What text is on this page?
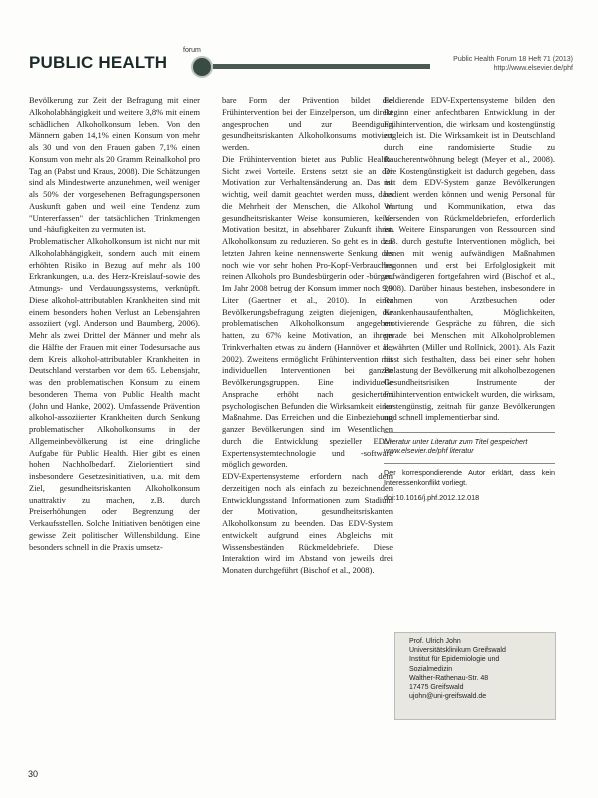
forum
PUBLIC HEALTH	Public Health Forum 18 Heft 71 (2013)
http://www.elsevier.de/phf

Bevölkerung zur Zeit der Befragung mit einer Alkoholabhängigkeit und weitere 3,8% mit einem schädlichen Alkoholkonsum leben. Von den Männern gaben 14,1% einen Konsum von mehr als 30 und von den Frauen gaben 7,1% einen Konsum von mehr als 20 Gramm Reinalkohol pro Tag an (Pabst und Kraus, 2008). Die Schätzungen sind als Mindestwerte anzunehmen, weil weniger als 50% der vorgesehenen Befragungspersonen Auskunft gaben und weil eine Tendenz zum "Untererfassen" der tatsächlichen Trinkmengen und -häufigkeiten zu vermuten ist.

Problematischer Alkoholkonsum ist nicht nur mit Alkoholabhängigkeit, sondern auch mit einem erhöhten Risiko in Bezug auf mehr als 100 Erkrankungen, u.a. des Herz-Kreislauf-sowie des Atmungs- und Verdauungssystems, verknüpft. Diese alkohol-attributablen Krankheiten sind mit einem besonders hohen Verlust an Lebensjahren assoziiert (vgl. Anderson und Baumberg, 2006). Mehr als zwei Drittel der Männer und mehr als die Hälfte der Frauen mit einer Todesursache aus dem Kreis alkohol-attributabler Krankheiten in Deutschland verstarben vor dem 65. Lebensjahr, was den problematischen Konsum zu einem besonderen Thema von Public Health macht (John und Hanke, 2002). Umfassende Prävention alkohol-assoziierter Krankheiten durch Senkung problematischer Alkoholkonsums in der Allgemeinbevölkerung ist eine dringliche Aufgabe für Public Health. Hier gibt es einen hohen Nachholbedarf. Zielorientiert sind insbesondere Gesetzesinitiativen, u.a. mit dem Ziel, gesundheitsriskanten Alkoholkonsum unattraktiv zu machen, z.B. durch Preiserhöhungen oder Begrenzung der Verkaufsstellen. Solche Initiativen benötigen eine gewisse Zeit politischer Willensbildung. Eine besonders schnell in die Praxis umsetz-

bare Form der Prävention bildet die Frühintervention bei der Einzelperson, um direkt angesprochen und zur Beendigung gesundheitsriskanten Alkoholkonsums motiviert werden.

Die Frühintervention bietet aus Public Health-Sicht zwei Vorteile. Erstens setzt sie an der Motivation zur Verhaltensänderung an. Das ist wichtig, weil damit geachtet werden muss, dass die Mehrheit der Menschen, die Alkohol in gesundheitsriskanter Weise konsumieren, keine Motivation besitzt, in absehbarer Zukunft ihren Alkoholkonsum zu reduzieren. So geht es in den letzten Jahren keine nennenswerte Senkung des noch wie vor sehr hohen Pro-Kopf-Verbrauches reinen Alkohols pro Bundesbürgerin oder -bürger. Im Jahr 2008 betrug der Konsum immer noch 9,9 Liter (Gaertner et al., 2010). In einer Bevölkerungsbefragung zeigten diejenigen, die problematischen Alkoholkonsum angegeben hatten, zu 67% keine Motivation, an ihrem Trinkverhalten etwas zu ändern (Hannöver et al., 2002). Zweitens ermöglicht Frühintervention mit individuellen Interventionen bei ganzen Bevölkerungsgruppen. Eine individuelle Ansprache erhöht nach gesichertem psychologischen Befunden die Wirksamkeit einer Maßnahme. Das Erreichen und die Einbeziehung ganzer Bevölkerungen sind im Wesentlichen durch die Entwicklung spezieller EDV-Expertensystemtechnologie und -software möglich geworden.

EDV-Expertensysteme erfordern nach dem derzeitigen noch als einfach zu bezeichnenden Entwicklungsstand Informationen zum Stadium der Motivation, gesundheitsriskanten Alkoholkonsum zu beenden. Das EDV-System entwickelt aufgrund eines Abgleichs mit Wissensbeständen Rückmeldebriefe. Diese Interaktion wird im Abstand von jeweils drei Monaten durchgeführt (Bischof et al., 2008).

Feldierende EDV-Expertensysteme bilden den Beginn einer anfechtbaren Entwicklung in der Frühintervention, die wirksam und kostengünstig zugleich ist. Die Wirksamkeit ist in Deutschland durch eine randomisierte Studie zu Raucherentwöhnung belegt (Meyer et al., 2008). Die Kostengünstigkeit ist dadurch gegeben, dass mit dem EDV-System ganze Bevölkerungen bedient werden können und wenig Personal für Wartung und Kommunikation, etwa das Versenden von Rückmeldebriefen, erforderlich ist. Weitere Einsparungen von Ressourcen sind z.B. durch gestufte Interventionen möglich, bei denen mit wenig aufwändigen Maßnahmen begonnen und erst bei Erfolglosigkeit mit aufwändigeren fortgefahren wird (Bischof et al., 2008). Darüber hinaus bestehen, insbesondere in Rahmen von Arztbesuchen oder Krankenhausaufenthalten, Möglichkeiten, motivierende Gespräche zu führen, die sich gerade bei Menschen mit Alkoholproblemen bewährten (Miller und Rollnick, 2001). Als Fazit lässt sich festhalten, dass bei einer sehr hohen Belastung der Bevölkerung mit alkoholbezogenen Gesundheitsrisiken Instrumente der Frühintervention entwickelt wurden, die wirksam, kostengünstig, zeitnah für ganze Bevölkerungen und schnell implementierbar sind.

Literatur unter Literatur zum Titel gespeichert
www.elsevier.de/phf literatur
Der korrespondierende Autor erklärt, dass kein Interessenkonflikt vorliegt.
doi:10.1016/j.phf.2012.12.018
Prof. Ulrich John
Universitätsklinikum Greifswald
Institut für Epidemiologie und
Sozialmedizin
Walther-Rathenau-Str. 48
17475 Greifswald
ujohn@uni-greifswald.de
30
